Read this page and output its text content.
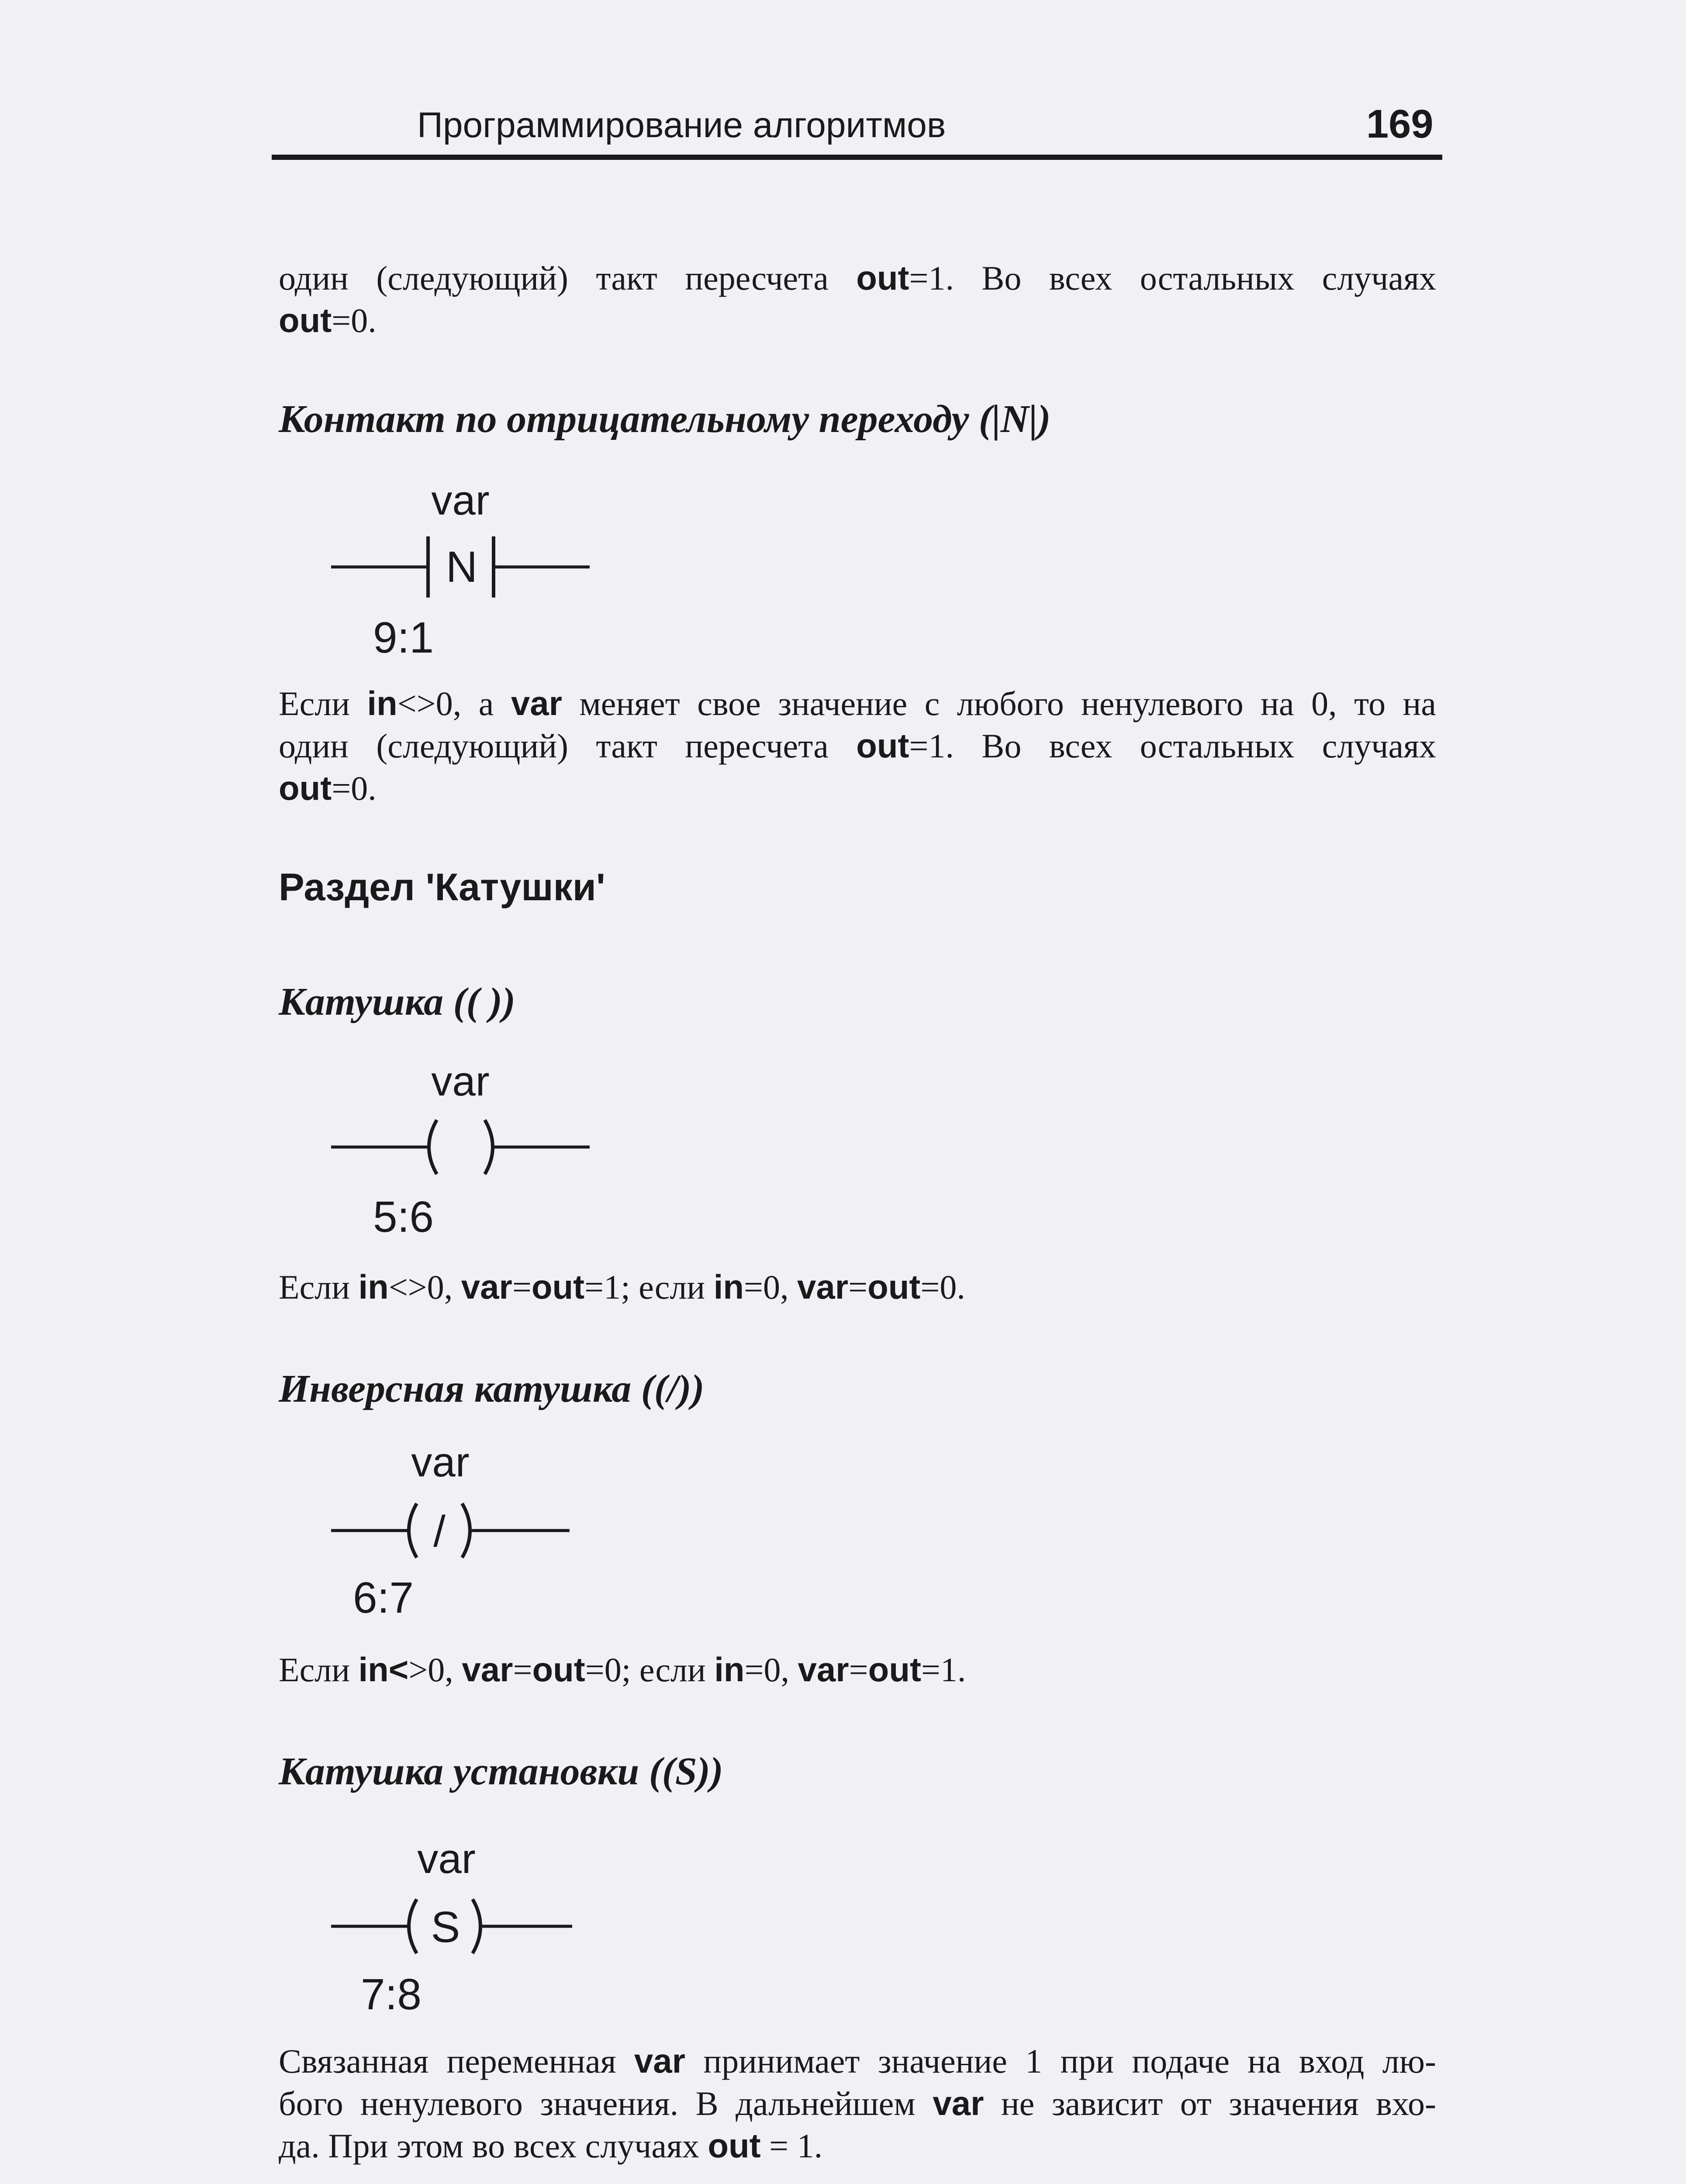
Программирование алгоритмов	169
один (следующий) такт пересчета out=1. Во всех остальных случаях
out=0.
Контакт по отрицательному переходу (|N|)
var
N
9:1
Если in<>0, а var меняет свое значение с любого ненулевого на 0, то на
один (следующий) такт пересчета out=1. Во всех остальных случаях
out=0.
Раздел 'Катушки'
Катушка (( ))
var
5:6
Если in<>0, var=out=1; если in=0, var=out=0.
Инверсная катушка ((/))
var
/
6:7
Если in<>0, var=out=0; если in=0, var=out=1.
Катушка установки ((S))
var
S
7:8
Связанная переменная var принимает значение 1 при подаче на вход лю-
бого ненулевого значения. В дальнейшем var не зависит от значения вхо-
да. При этом во всех случаях out = 1.
